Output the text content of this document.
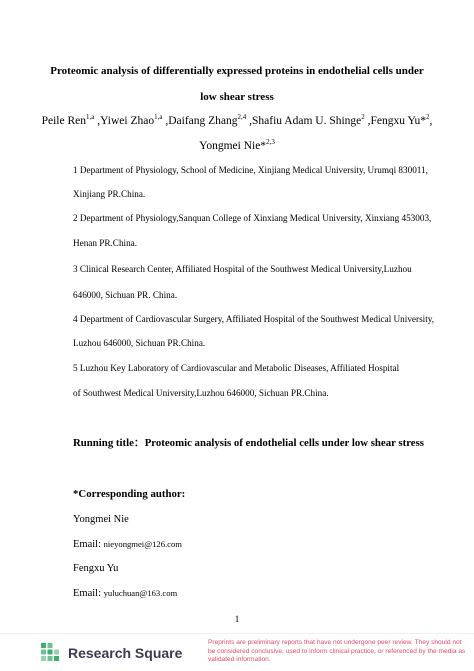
Proteomic analysis of differentially expressed proteins in endothelial cells under
low shear stress
Peile Ren$^{1,a}$ ,Yiwei Zhao$^{1,a}$ ,Daifang Zhang$^{2,4}$ ,Shafiu Adam U. Shinge$^2$ ,Fengxu Yu*$^2$,
Yongmei Nie*$^{2,3}$
1 Department of Physiology, School of Medicine, Xinjiang Medical University, Urumqi 830011,
Xinjiang PR.China.
2 Department of Physiology,Sanquan College of Xinxiang Medical University, Xinxiang 453003,
Henan PR.China.
3 Clinical Research Center, Affiliated Hospital of the Southwest Medical University,Luzhou
646000, Sichuan PR. China.
4 Department of Cardiovascular Surgery, Affiliated Hospital of the Southwest Medical University,
Luzhou 646000, Sichuan PR.China.
5 Luzhou Key Laboratory of Cardiovascular and Metabolic Diseases, Affiliated Hospital
of Southwest Medical University,Luzhou 646000, Sichuan PR.China.
Running title：Proteomic analysis of endothelial cells under low shear stress
*Corresponding author:
Yongmei Nie
Email: nieyongmei@126.com
Fengxu Yu
Email: yuluchuan@163.com
1
Research Square
Preprints are preliminary reports that have not undergone peer review. They should not be considered conclusive, used to inform clinical practice, or referenced by the media as validated information.
